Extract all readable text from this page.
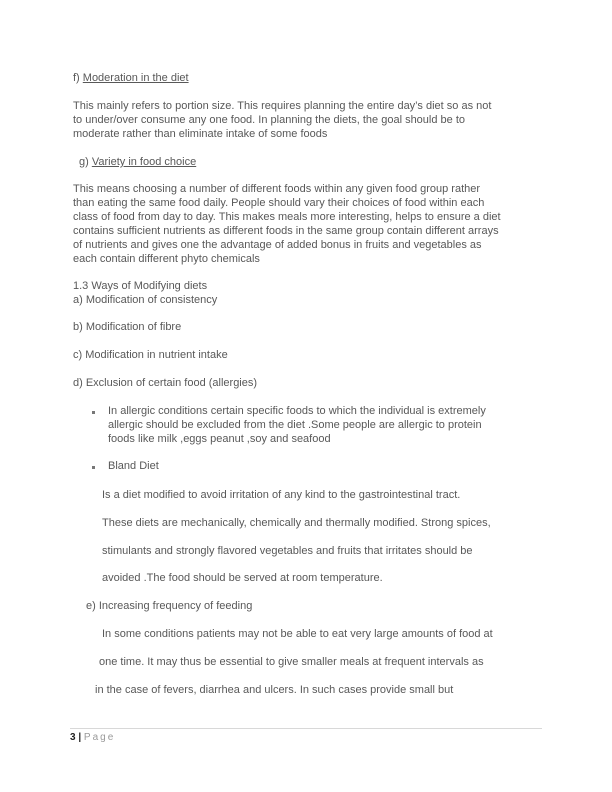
f) Moderation in the diet
This mainly refers to portion size. This requires planning the entire day’s diet so as not
to under/over consume any one food. In planning the diets, the goal should be to
moderate rather than eliminate intake of some foods
g) Variety in food choice
This means choosing a number of different foods within any given food group rather
than eating the same food daily. People should vary their choices of food within each
class of food from day to day. This makes meals more interesting, helps to ensure a diet
contains sufficient nutrients as different foods in the same group contain different arrays
of nutrients and gives one the advantage of added bonus in fruits and vegetables as
each contain different phyto chemicals
1.3 Ways of Modifying diets
a) Modification of consistency
b) Modification of fibre
c) Modification in nutrient intake
d) Exclusion of certain food (allergies)
In allergic conditions certain specific foods to which the individual is extremely
allergic should be excluded from the diet .Some people are allergic to protein
foods like milk ,eggs peanut ,soy and seafood
Bland Diet
Is a diet modified to avoid irritation of any kind to the gastrointestinal tract.
These diets are mechanically, chemically and thermally modified. Strong spices,
stimulants and strongly flavored vegetables and fruits that irritates should be
avoided .The food should be served at room temperature.
e) Increasing frequency of feeding
In some conditions patients may not be able to eat very large amounts of food at
one time. It may thus be essential to give smaller meals at frequent intervals as
in the case of fevers, diarrhea and ulcers. In such cases provide small but
3 | Page
